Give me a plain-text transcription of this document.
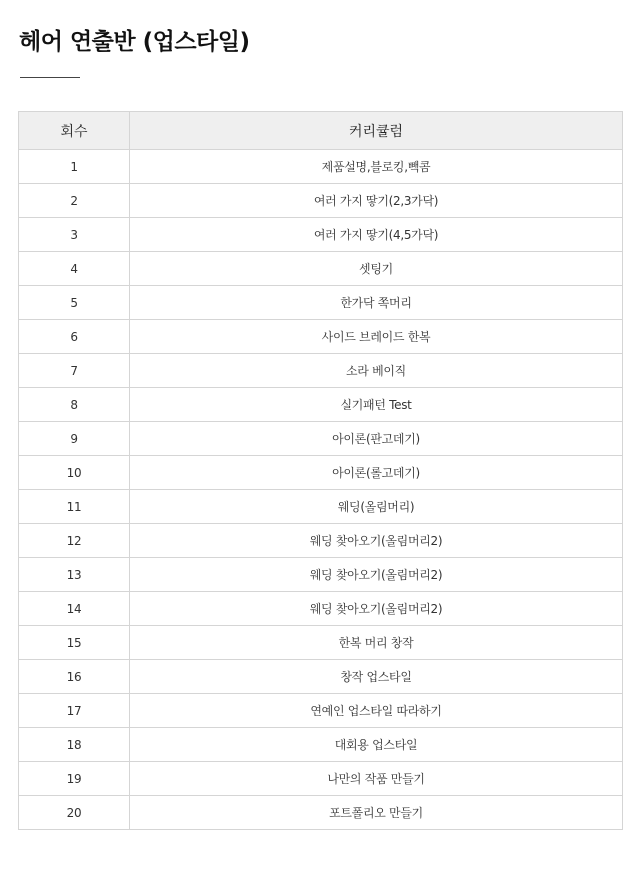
헤어 연출반 (업스타일)
회수	커리큘럼
1	제품설명,블로킹,빽콤
2	여러 가지 땋기(2,3가닥)
3	여러 가지 땋기(4,5가닥)
4	셋팅기
5	한가닥 쪽머리
6	사이드 브레이드 한복
7	소라 베이직
8	실기패턴 Test
9	아이론(판고데기)
10	아이론(롤고데기)
11	웨딩(올림머리)
12	웨딩 찾아오기(올림머리2)
13	웨딩 찾아오기(올림머리2)
14	웨딩 찾아오기(올림머리2)
15	한복 머리 창작
16	창작 업스타일
17	연예인 업스타일 따라하기
18	대회용 업스타일
19	나만의 작품 만들기
20	포트폴리오 만들기
